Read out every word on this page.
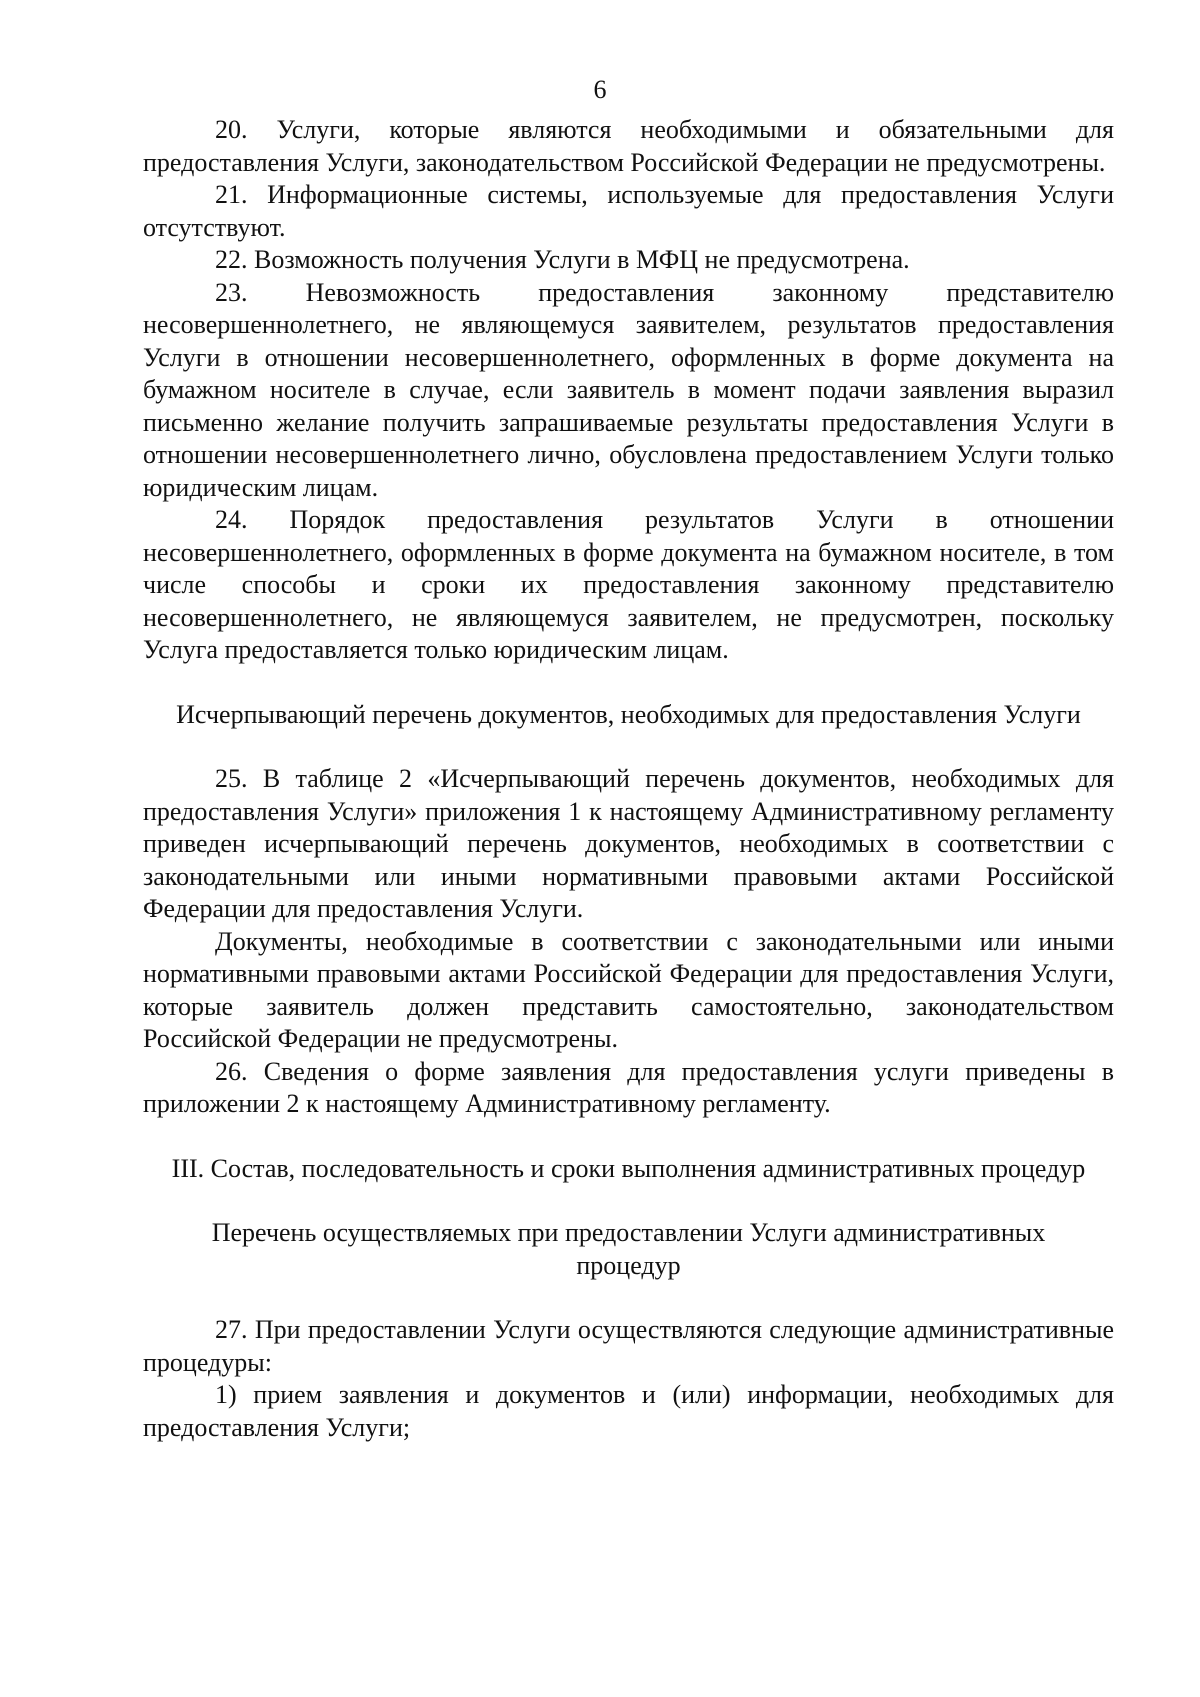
6

20. Услуги, которые являются необходимыми и обязательными для предоставления Услуги, законодательством Российской Федерации не предусмотрены.

21. Информационные системы, используемые для предоставления Услуги отсутствуют.

22. Возможность получения Услуги в МФЦ не предусмотрена.

23. Невозможность предоставления законному представителю несовершеннолетнего, не являющемуся заявителем, результатов предоставления Услуги в отношении несовершеннолетнего, оформленных в форме документа на бумажном носителе в случае, если заявитель в момент подачи заявления выразил письменно желание получить запрашиваемые результаты предоставления Услуги в отношении несовершеннолетнего лично, обусловлена предоставлением Услуги только юридическим лицам.

24. Порядок предоставления результатов Услуги в отношении несовершеннолетнего, оформленных в форме документа на бумажном носителе, в том числе способы и сроки их предоставления законному представителю несовершеннолетнего, не являющемуся заявителем, не предусмотрен, поскольку Услуга предоставляется только юридическим лицам.

Исчерпывающий перечень документов, необходимых для предоставления Услуги

25. В таблице 2 «Исчерпывающий перечень документов, необходимых для предоставления Услуги» приложения 1 к настоящему Административному регламенту приведен исчерпывающий перечень документов, необходимых в соответствии с законодательными или иными нормативными правовыми актами Российской Федерации для предоставления Услуги.

Документы, необходимые в соответствии с законодательными или иными нормативными правовыми актами Российской Федерации для предоставления Услуги, которые заявитель должен представить самостоятельно, законодательством Российской Федерации не предусмотрены.

26. Сведения о форме заявления для предоставления услуги приведены в приложении 2 к настоящему Административному регламенту.

III. Состав, последовательность и сроки выполнения административных процедур

Перечень осуществляемых при предоставлении Услуги административных процедур

27. При предоставлении Услуги осуществляются следующие административные процедуры:

1) прием заявления и документов и (или) информации, необходимых для предоставления Услуги;
